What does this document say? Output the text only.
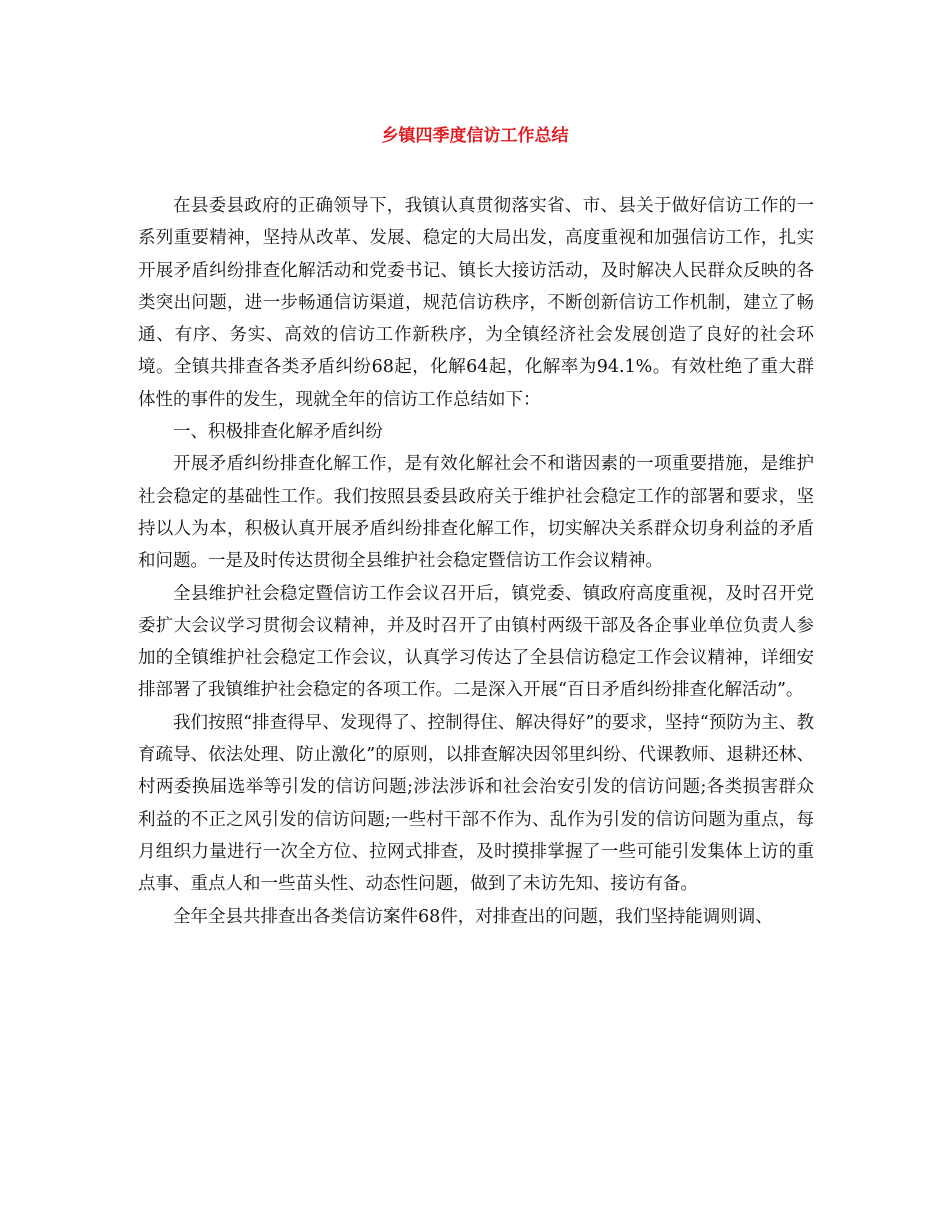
乡镇四季度信访工作总结

在县委县政府的正确领导下，我镇认真贯彻落实省、市、县关于做好信访工作的一系列重要精神，坚持从改革、发展、稳定的大局出发，高度重视和加强信访工作，扎实开展矛盾纠纷排查化解活动和党委书记、镇长大接访活动，及时解决人民群众反映的各类突出问题，进一步畅通信访渠道，规范信访秩序，不断创新信访工作机制，建立了畅通、有序、务实、高效的信访工作新秩序，为全镇经济社会发展创造了良好的社会环境。全镇共排查各类矛盾纠纷68起，化解64起，化解率为94.1%。有效杜绝了重大群体性的事件的发生，现就全年的信访工作总结如下：

一、积极排查化解矛盾纠纷

开展矛盾纠纷排查化解工作，是有效化解社会不和谐因素的一项重要措施，是维护社会稳定的基础性工作。我们按照县委县政府关于维护社会稳定工作的部署和要求，坚持以人为本，积极认真开展矛盾纠纷排查化解工作，切实解决关系群众切身利益的矛盾和问题。一是及时传达贯彻全县维护社会稳定暨信访工作会议精神。

全县维护社会稳定暨信访工作会议召开后，镇党委、镇政府高度重视，及时召开党委扩大会议学习贯彻会议精神，并及时召开了由镇村两级干部及各企事业单位负责人参加的全镇维护社会稳定工作会议，认真学习传达了全县信访稳定工作会议精神，详细安排部署了我镇维护社会稳定的各项工作。二是深入开展“百日矛盾纠纷排查化解活动”。

我们按照“排查得早、发现得了、控制得住、解决得好”的要求，坚持“预防为主、教育疏导、依法处理、防止激化”的原则，以排查解决因邻里纠纷、代课教师、退耕还林、村两委换届选举等引发的信访问题;涉法涉诉和社会治安引发的信访问题;各类损害群众利益的不正之风引发的信访问题;一些村干部不作为、乱作为引发的信访问题为重点，每月组织力量进行一次全方位、拉网式排查，及时摸排掌握了一些可能引发集体上访的重点事、重点人和一些苗头性、动态性问题，做到了未访先知、接访有备。

全年全县共排查出各类信访案件68件，对排查出的问题，我们坚持能调则调、
